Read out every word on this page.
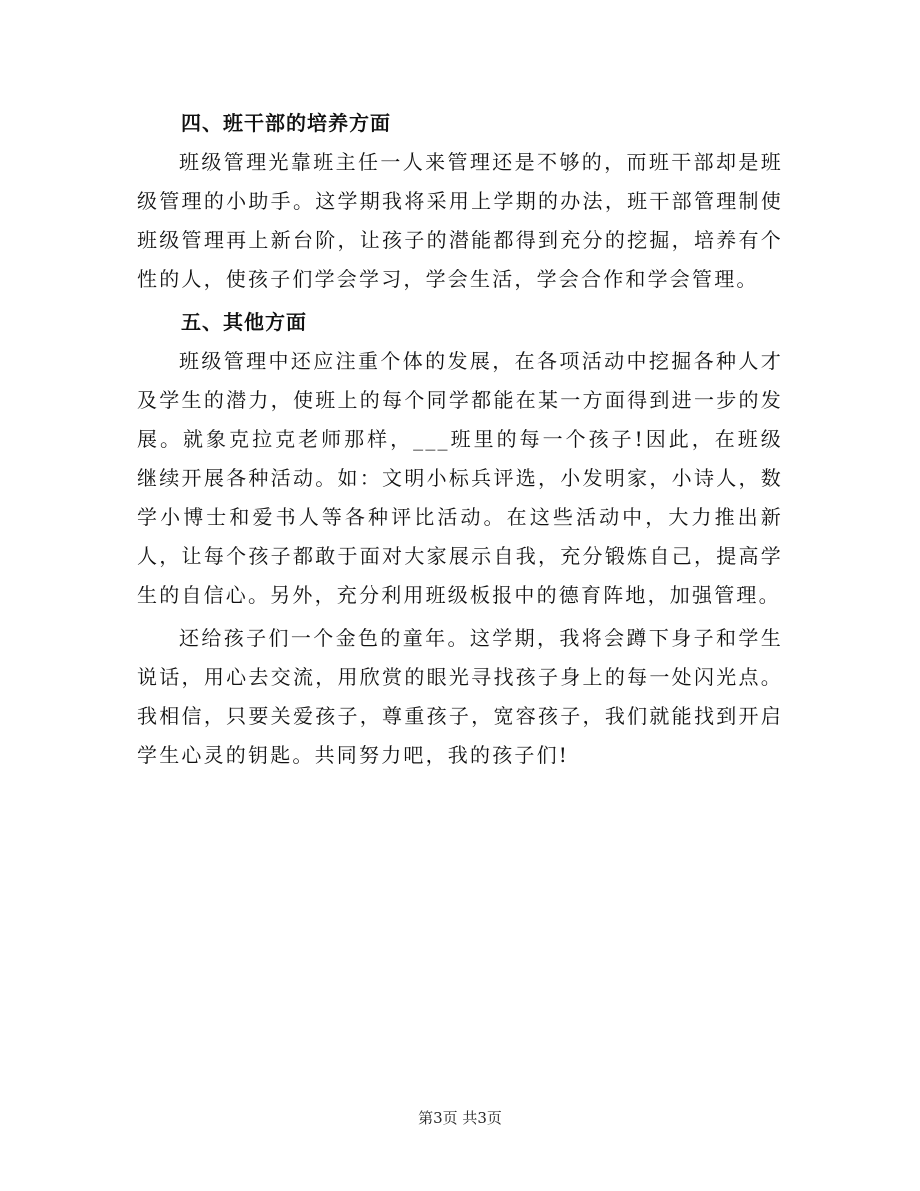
四、班干部的培养方面

班级管理光靠班主任一人来管理还是不够的，而班干部却是班级管理的小助手。这学期我将采用上学期的办法，班干部管理制使班级管理再上新台阶，让孩子的潜能都得到充分的挖掘，培养有个性的人，使孩子们学会学习，学会生活，学会合作和学会管理。

五、其他方面

班级管理中还应注重个体的发展，在各项活动中挖掘各种人才及学生的潜力，使班上的每个同学都能在某一方面得到进一步的发展。就象克拉克老师那样，___班里的每一个孩子!因此，在班级继续开展各种活动。如：文明小标兵评选，小发明家，小诗人，数学小博士和爱书人等各种评比活动。在这些活动中，大力推出新人，让每个孩子都敢于面对大家展示自我，充分锻炼自己，提高学生的自信心。另外，充分利用班级板报中的德育阵地，加强管理。

还给孩子们一个金色的童年。这学期，我将会蹲下身子和学生说话，用心去交流，用欣赏的眼光寻找孩子身上的每一处闪光点。我相信，只要关爱孩子，尊重孩子，宽容孩子，我们就能找到开启学生心灵的钥匙。共同努力吧，我的孩子们!

第3页 共3页
